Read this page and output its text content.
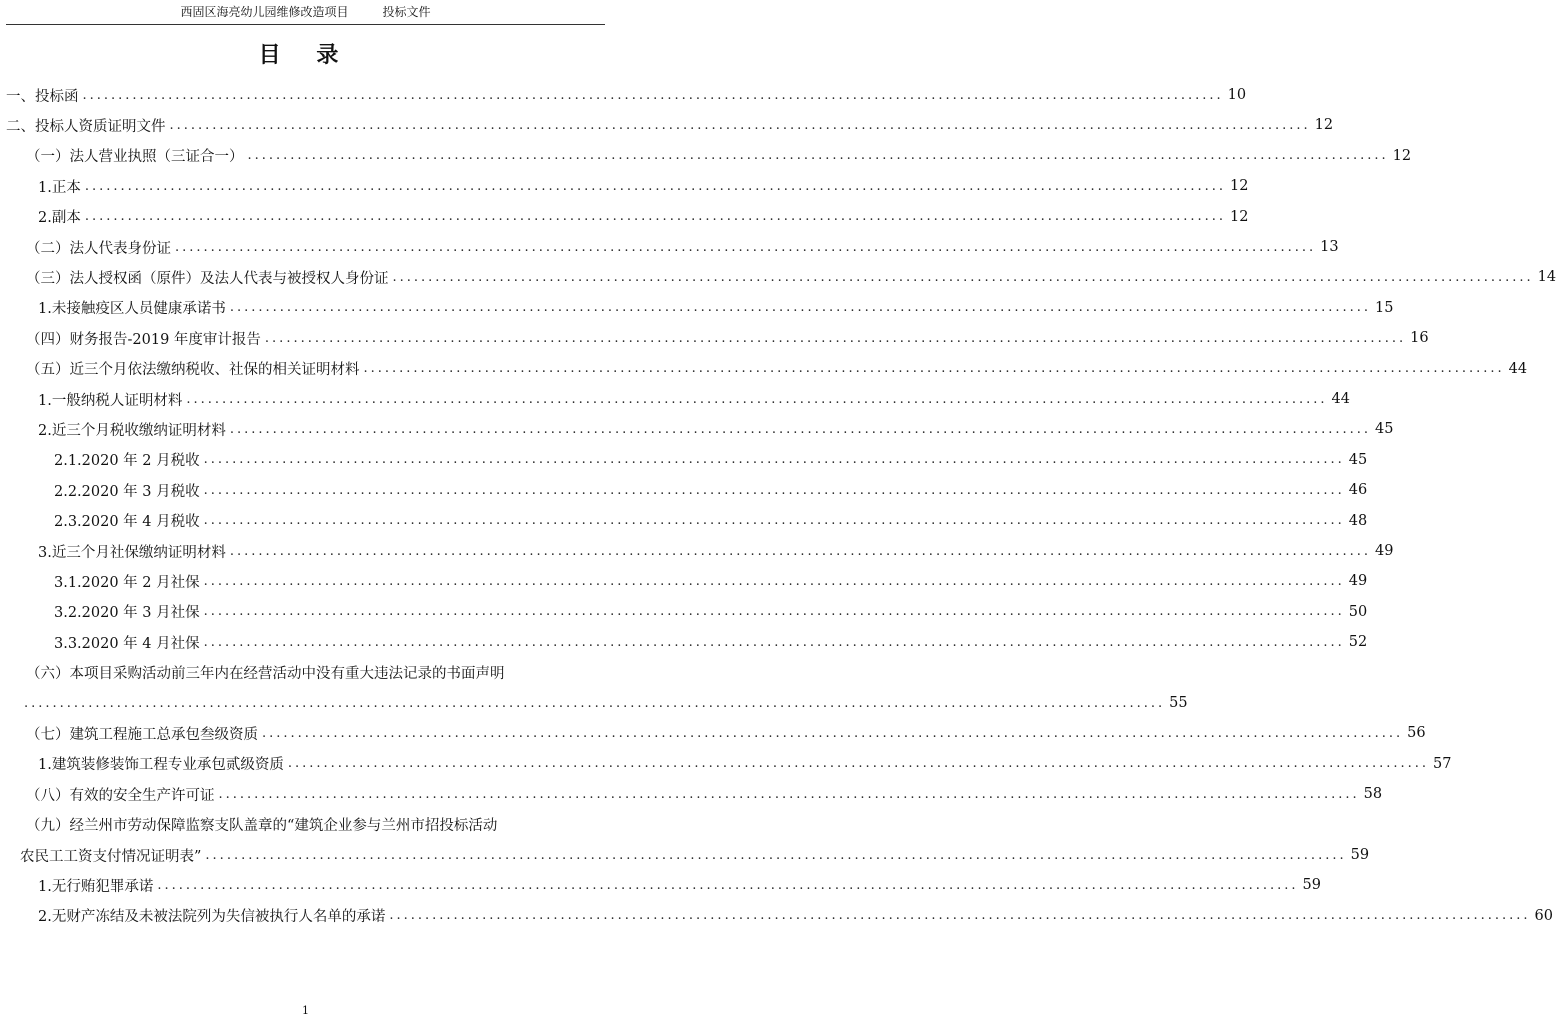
西固区海亮幼儿园维修改造项目	投标文件
目 录
一、投标函 ................................................................................................................................................................ 10
二、投标人资质证明文件 ................................................................................................................................................................ 12
（一）法人营业执照（三证合一） ................................................................................................................................................................ 12
1.正本 ................................................................................................................................................................ 12
2.副本 ................................................................................................................................................................ 12
（二）法人代表身份证 ................................................................................................................................................................ 13
（三）法人授权函（原件）及法人代表与被授权人身份证 ................................................................................................................................................................ 14
1.未接触疫区人员健康承诺书 ................................................................................................................................................................ 15
（四）财务报告-2019 年度审计报告 ................................................................................................................................................................ 16
（五）近三个月依法缴纳税收、社保的相关证明材料 ................................................................................................................................................................ 44
1.一般纳税人证明材料 ................................................................................................................................................................ 44
2.近三个月税收缴纳证明材料 ................................................................................................................................................................ 45
2.1.2020 年 2 月税收 ................................................................................................................................................................ 45
2.2.2020 年 3 月税收 ................................................................................................................................................................ 46
2.3.2020 年 4 月税收 ................................................................................................................................................................ 48
3.近三个月社保缴纳证明材料 ................................................................................................................................................................ 49
3.1.2020 年 2 月社保 ................................................................................................................................................................ 49
3.2.2020 年 3 月社保 ................................................................................................................................................................ 50
3.3.2020 年 4 月社保 ................................................................................................................................................................ 52
（六）本项目采购活动前三年内在经营活动中没有重大违法记录的书面声明
................................................................................................................................................................ 55
（七）建筑工程施工总承包叁级资质 ................................................................................................................................................................ 56
1.建筑装修装饰工程专业承包贰级资质 ................................................................................................................................................................ 57
（八）有效的安全生产许可证 ................................................................................................................................................................ 58
（九）经兰州市劳动保障监察支队盖章的“建筑企业参与兰州市招投标活动
农民工工资支付情况证明表” ................................................................................................................................................................ 59
1.无行贿犯罪承诺 ................................................................................................................................................................ 59
2.无财产冻结及未被法院列为失信被执行人名单的承诺 ................................................................................................................................................................ 60
1
